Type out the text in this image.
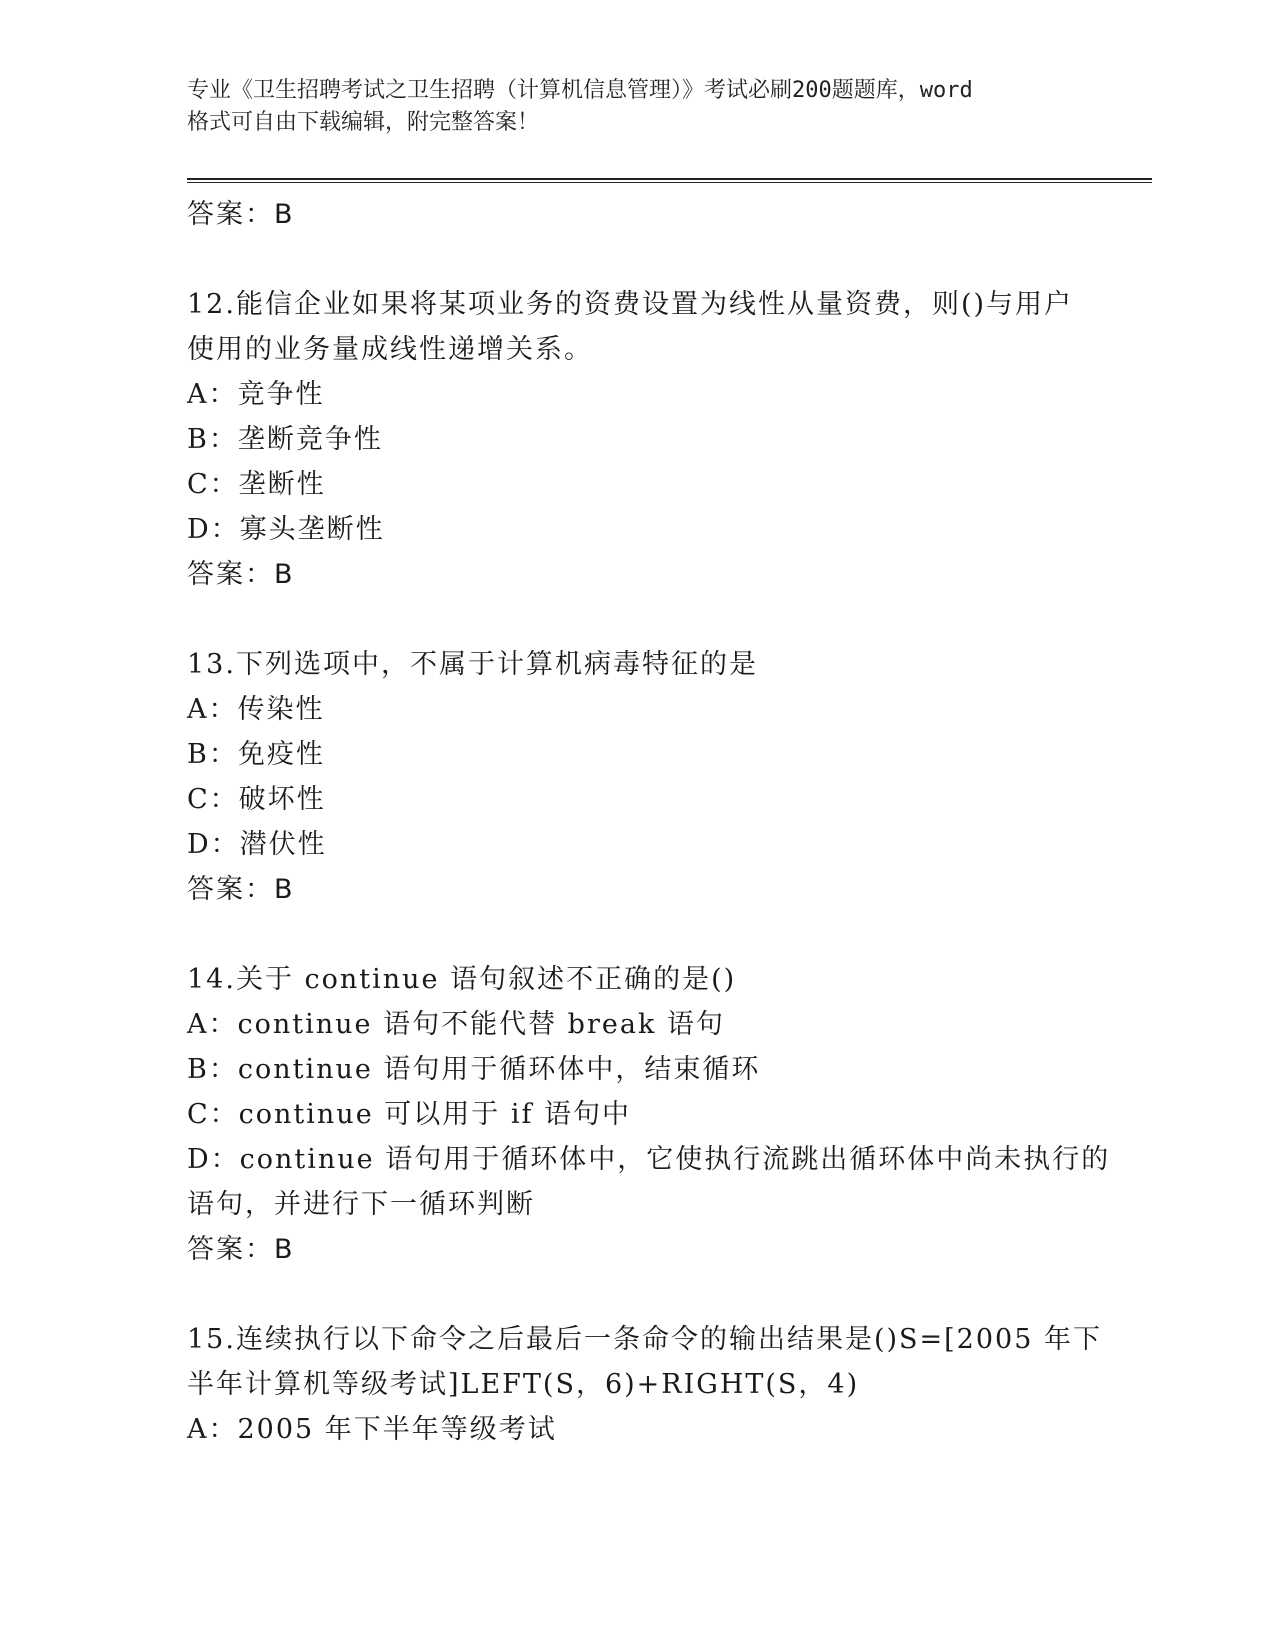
专业《卫生招聘考试之卫生招聘（计算机信息管理）》考试必刷200题题库，word
格式可自由下载编辑，附完整答案！
答案：B
12.能信企业如果将某项业务的资费设置为线性从量资费，则()与用户
使用的业务量成线性递增关系。
A：竞争性
B：垄断竞争性
C：垄断性
D：寡头垄断性
答案：B
13.下列选项中，不属于计算机病毒特征的是
A：传染性
B：免疫性
C：破坏性
D：潜伏性
答案：B
14.关于 continue 语句叙述不正确的是()
A：continue 语句不能代替 break 语句
B：continue 语句用于循环体中，结束循环
C：continue 可以用于 if 语句中
D：continue 语句用于循环体中，它使执行流跳出循环体中尚未执行的
语句，并进行下一循环判断
答案：B
15.连续执行以下命令之后最后一条命令的输出结果是()S=[2005 年下
半年计算机等级考试]LEFT(S，6)+RIGHT(S，4)
A：2005 年下半年等级考试
